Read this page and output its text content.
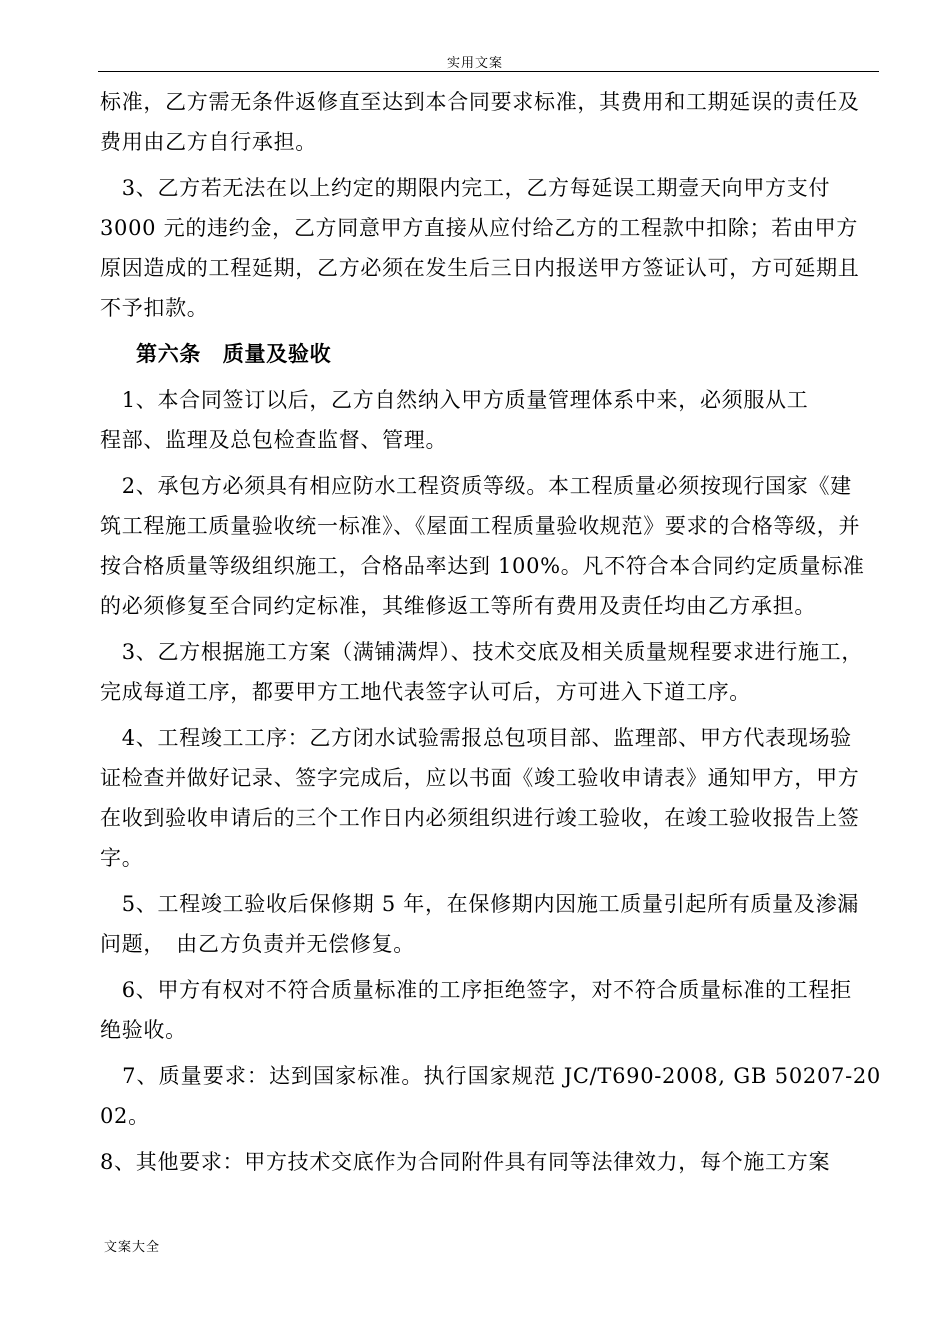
实用文案
标准，乙方需无条件返修直至达到本合同要求标准，其费用和工期延误的责任及
费用由乙方自行承担。
　3、乙方若无法在以上约定的期限内完工，乙方每延误工期壹天向甲方支付
3000 元的违约金，乙方同意甲方直接从应付给乙方的工程款中扣除；若由甲方
原因造成的工程延期，乙方必须在发生后三日内报送甲方签证认可，方可延期且
不予扣款。
第六条　质量及验收
　1、本合同签订以后，乙方自然纳入甲方质量管理体系中来，必须服从工
程部、监理及总包检查监督、管理。
　2、承包方必须具有相应防水工程资质等级。本工程质量必须按现行国家《建
筑工程施工质量验收统一标准》、《屋面工程质量验收规范》要求的合格等级，并
按合格质量等级组织施工，合格品率达到 100%。凡不符合本合同约定质量标准
的必须修复至合同约定标准，其维修返工等所有费用及责任均由乙方承担。
　3、乙方根据施工方案（满铺满焊）、技术交底及相关质量规程要求进行施工，
完成每道工序，都要甲方工地代表签字认可后，方可进入下道工序。
　4、工程竣工工序：乙方闭水试验需报总包项目部、监理部、甲方代表现场验
证检查并做好记录、签字完成后，应以书面《竣工验收申请表》通知甲方，甲方
在收到验收申请后的三个工作日内必须组织进行竣工验收，在竣工验收报告上签
字。
　5、工程竣工验收后保修期 5 年，在保修期内因施工质量引起所有质量及渗漏
问题，　由乙方负责并无偿修复。
　6、甲方有权对不符合质量标准的工序拒绝签字，对不符合质量标准的工程拒
绝验收。
　7、质量要求：达到国家标准。执行国家规范 JC/T690-2008, GB 50207-2002。
8、其他要求：甲方技术交底作为合同附件具有同等法律效力，每个施工方案
文案大全
